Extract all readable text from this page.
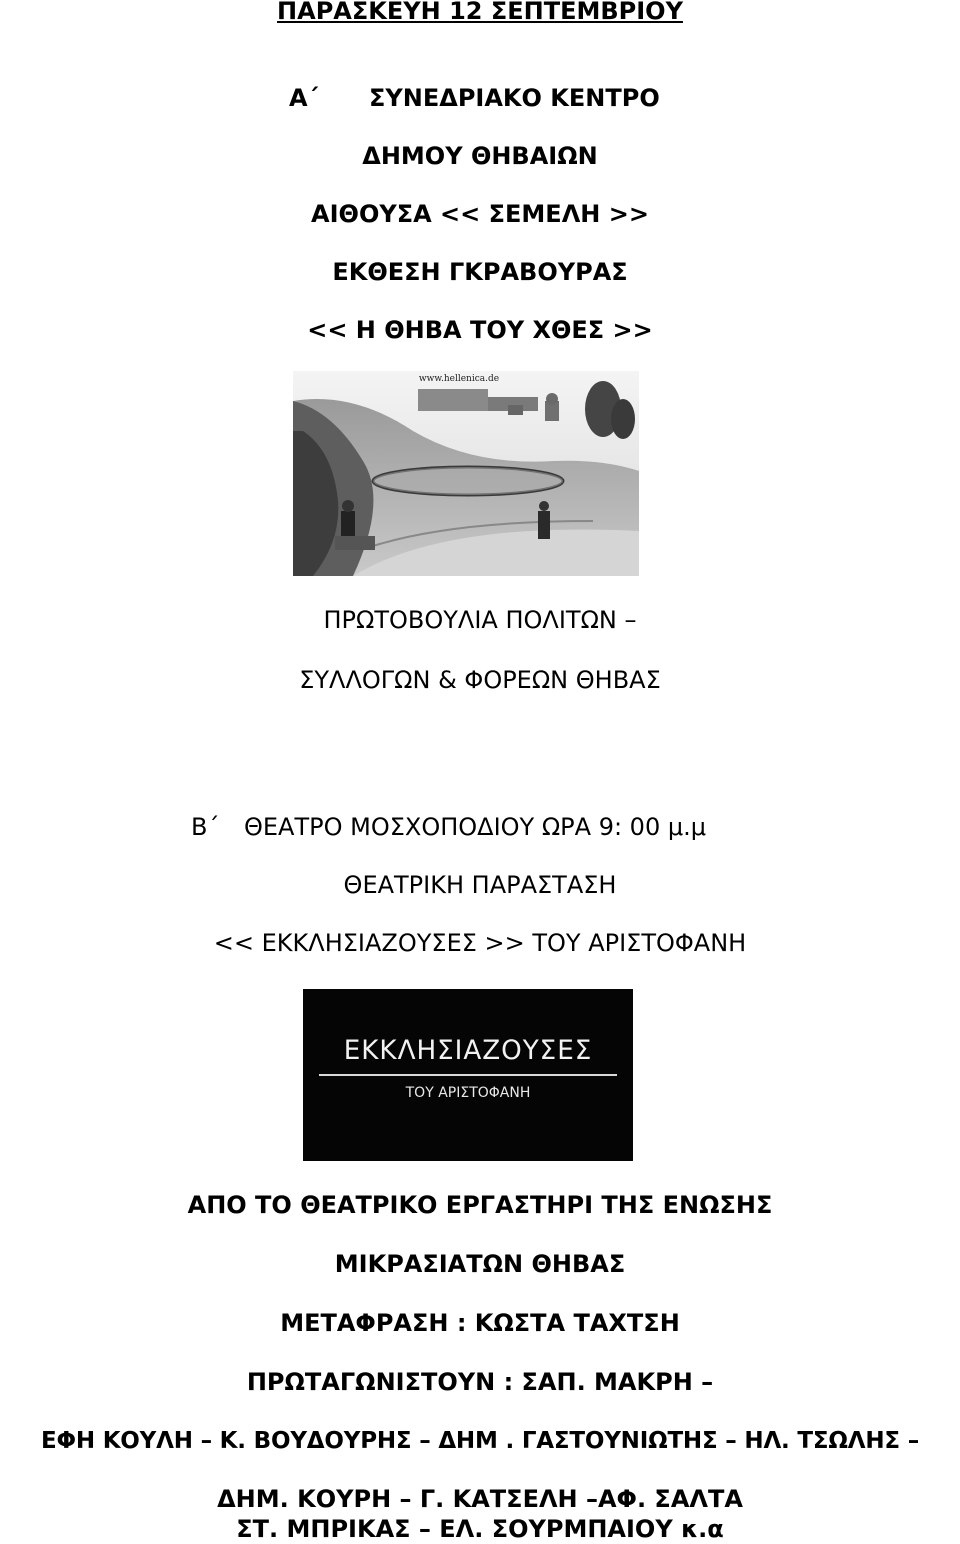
ΠΑΡΑΣΚΕΥΗ 12 ΣΕΠΤΕΜΒΡΙΟΥ
Α΄ ΣΥΝΕΔΡΙΑΚΟ ΚΕΝΤΡΟ
ΔΗΜΟΥ ΘΗΒΑΙΩΝ
ΑΙΘΟΥΣΑ << ΣΕΜΕΛΗ >>
ΕΚΘΕΣΗ ΓΚΡΑΒΟΥΡΑΣ
<< Η ΘΗΒΑ ΤΟΥ ΧΘΕΣ >>
www.hellenica.de
ΠΡΩΤΟΒΟΥΛΙΑ ΠΟΛΙΤΩΝ –
ΣΥΛΛΟΓΩΝ & ΦΟΡΕΩΝ ΘΗΒΑΣ
Β΄ ΘΕΑΤΡΟ ΜΟΣΧΟΠΟΔΙΟΥ ΩΡΑ 9: 00 μ.μ
ΘΕΑΤΡΙΚΗ ΠΑΡΑΣΤΑΣΗ
<< ΕΚΚΛΗΣΙΑΖΟΥΣΕΣ >> ΤΟΥ ΑΡΙΣΤΟΦΑΝΗ
ΕΚΚΛΗΣΙΑΖΟΥΣΕΣ
ΤΟΥ ΑΡΙΣΤΟΦΑΝΗ
ΑΠΟ ΤΟ ΘΕΑΤΡΙΚΟ ΕΡΓΑΣΤΗΡΙ ΤΗΣ ΕΝΩΣΗΣ
ΜΙΚΡΑΣΙΑΤΩΝ ΘΗΒΑΣ
ΜΕΤΑΦΡΑΣΗ : ΚΩΣΤΑ ΤΑΧΤΣΗ
ΠΡΩΤΑΓΩΝΙΣΤΟΥΝ : ΣΑΠ. ΜΑΚΡΗ –
ΕΦΗ ΚΟΥΛΗ – Κ. ΒΟΥΔΟΥΡΗΣ – ΔΗΜ . ΓΑΣΤΟΥΝΙΩΤΗΣ – ΗΛ. ΤΣΩΛΗΣ –
ΔΗΜ. ΚΟΥΡΗ – Γ. ΚΑΤΣΕΛΗ –ΑΦ. ΣΑΛΤΑ
ΣΤ. ΜΠΡΙΚΑΣ – ΕΛ. ΣΟΥΡΜΠΑΙΟΥ κ.α
